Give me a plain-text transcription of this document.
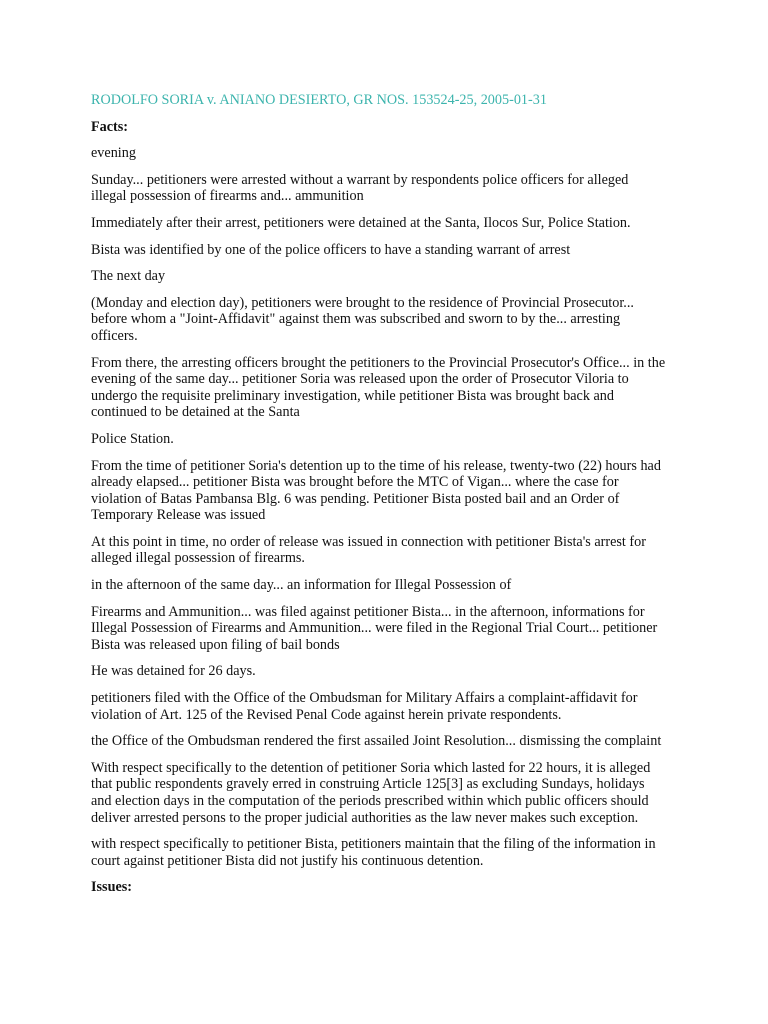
RODOLFO SORIA v. ANIANO DESIERTO, GR NOS. 153524-25, 2005-01-31

Facts:

evening

Sunday... petitioners were arrested without a warrant by respondents police officers for alleged
illegal possession of firearms and... ammunition

Immediately after their arrest, petitioners were detained at the Santa, Ilocos Sur, Police Station.

Bista was identified by one of the police officers to have a standing warrant of arrest

The next day

(Monday and election day), petitioners were brought to the residence of Provincial Prosecutor...
before whom a "Joint-Affidavit" against them was subscribed and sworn to by the... arresting
officers.

From there, the arresting officers brought the petitioners to the Provincial Prosecutor's Office... in the
evening of the same day... petitioner Soria was released upon the order of Prosecutor Viloria to
undergo the requisite preliminary investigation, while petitioner Bista was brought back and
continued to be detained at the Santa

Police Station.

From the time of petitioner Soria's detention up to the time of his release, twenty-two (22) hours had
already elapsed... petitioner Bista was brought before the MTC of Vigan... where the case for
violation of Batas Pambansa Blg. 6 was pending. Petitioner Bista posted bail and an Order of
Temporary Release was issued

At this point in time, no order of release was issued in connection with petitioner Bista's arrest for
alleged illegal possession of firearms.

in the afternoon of the same day... an information for Illegal Possession of

Firearms and Ammunition... was filed against petitioner Bista... in the afternoon, informations for
Illegal Possession of Firearms and Ammunition... were filed in the Regional Trial Court... petitioner
Bista was released upon filing of bail bonds

He was detained for 26 days.

petitioners filed with the Office of the Ombudsman for Military Affairs a complaint-affidavit for
violation of Art. 125 of the Revised Penal Code against herein private respondents.

the Office of the Ombudsman rendered the first assailed Joint Resolution... dismissing the complaint

With respect specifically to the detention of petitioner Soria which lasted for 22 hours, it is alleged
that public respondents gravely erred in construing Article 125[3] as excluding Sundays, holidays
and election days in the computation of the periods prescribed within which public officers should
deliver arrested persons to the proper judicial authorities as the law never makes such exception.

with respect specifically to petitioner Bista, petitioners maintain that the filing of the information in
court against petitioner Bista did not justify his continuous detention.

Issues:
